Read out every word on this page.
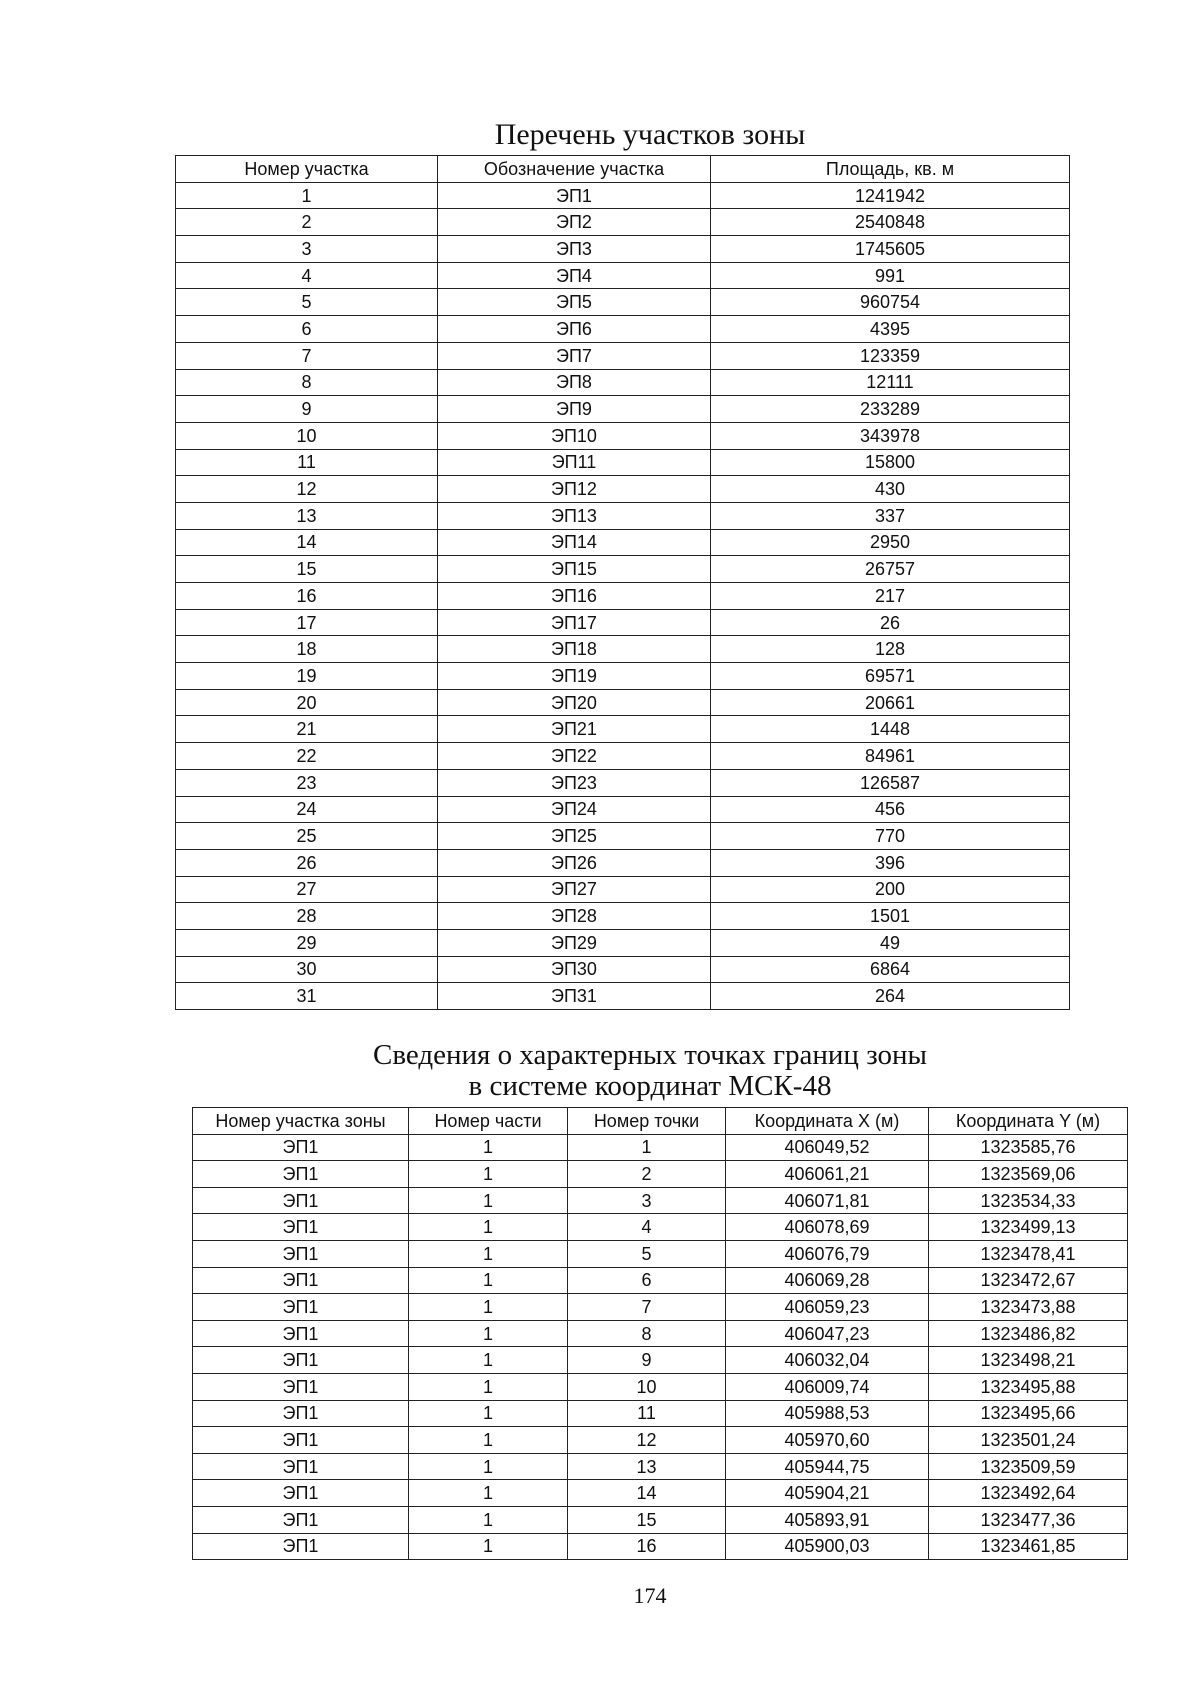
Перечень участков зоны
Номер участка	Обозначение участка	Площадь, кв. м
1	ЭП1	1241942
2	ЭП2	2540848
3	ЭП3	1745605
4	ЭП4	991
5	ЭП5	960754
6	ЭП6	4395
7	ЭП7	123359
8	ЭП8	12111
9	ЭП9	233289
10	ЭП10	343978
11	ЭП11	15800
12	ЭП12	430
13	ЭП13	337
14	ЭП14	2950
15	ЭП15	26757
16	ЭП16	217
17	ЭП17	26
18	ЭП18	128
19	ЭП19	69571
20	ЭП20	20661
21	ЭП21	1448
22	ЭП22	84961
23	ЭП23	126587
24	ЭП24	456
25	ЭП25	770
26	ЭП26	396
27	ЭП27	200
28	ЭП28	1501
29	ЭП29	49
30	ЭП30	6864
31	ЭП31	264
Сведения о характерных точках границ зоны
в системе координат МСК-48
Номер участка зоны	Номер части	Номер точки	Координата X (м)	Координата Y (м)
ЭП1	1	1	406049,52	1323585,76
ЭП1	1	2	406061,21	1323569,06
ЭП1	1	3	406071,81	1323534,33
ЭП1	1	4	406078,69	1323499,13
ЭП1	1	5	406076,79	1323478,41
ЭП1	1	6	406069,28	1323472,67
ЭП1	1	7	406059,23	1323473,88
ЭП1	1	8	406047,23	1323486,82
ЭП1	1	9	406032,04	1323498,21
ЭП1	1	10	406009,74	1323495,88
ЭП1	1	11	405988,53	1323495,66
ЭП1	1	12	405970,60	1323501,24
ЭП1	1	13	405944,75	1323509,59
ЭП1	1	14	405904,21	1323492,64
ЭП1	1	15	405893,91	1323477,36
ЭП1	1	16	405900,03	1323461,85
174
